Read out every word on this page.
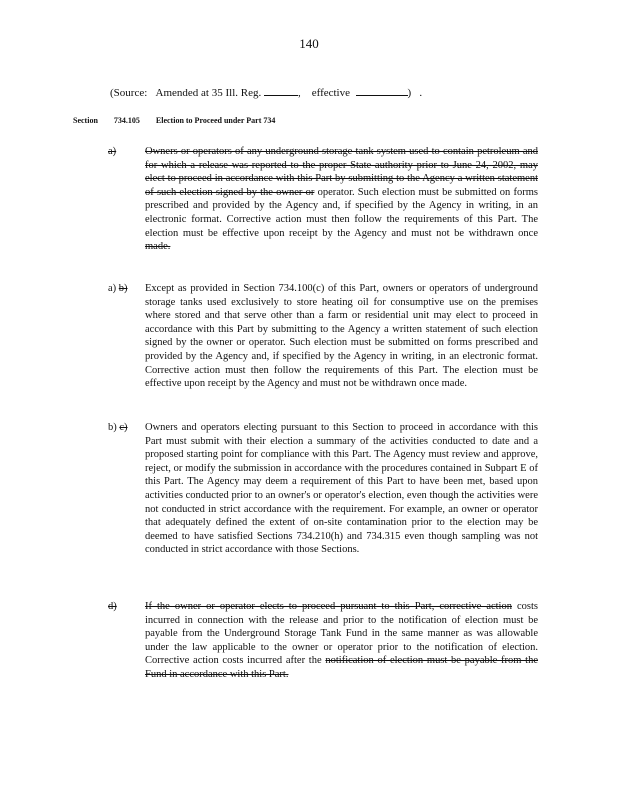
140
(Source: Amended at 35 Ill. Reg.	, effective	) .
Section 734.105 Election to Proceed under Part 734
a)	Owners or operators of any underground storage tank system used to contain petroleum and for which a release was reported to the proper State authority prior to June 24, 2002, may elect to proceed in accordance with this Part by submitting to the Agency a written statement of such election signed by the owner or operator. Such election must be submitted on forms prescribed and provided by the Agency and, if specified by the Agency in writing, in an electronic format. Corrective action must then follow the requirements of this Part. The election must be effective upon receipt by the Agency and must not be withdrawn once made.
a) b) Except as provided in Section 734.100(c) of this Part, owners or operators of underground storage tanks used exclusively to store heating oil for consumptive use on the premises where stored and that serve other than a farm or residential unit may elect to proceed in accordance with this Part by submitting to the Agency a written statement of such election signed by the owner or operator. Such election must be submitted on forms prescribed and provided by the Agency and, if specified by the Agency in writing, in an electronic format. Corrective action must then follow the requirements of this Part. The election must be effective upon receipt by the Agency and must not be withdrawn once made.
b) c) Owners and operators electing pursuant to this Section to proceed in accordance with this Part must submit with their election a summary of the activities conducted to date and a proposed starting point for compliance with this Part. The Agency must review and approve, reject, or modify the submission in accordance with the procedures contained in Subpart E of this Part. The Agency may deem a requirement of this Part to have been met, based upon activities conducted prior to an owner's or operator's election, even though the activities were not conducted in strict accordance with the requirement. For example, an owner or operator that adequately defined the extent of on-site contamination prior to the election may be deemed to have satisfied Sections 734.210(h) and 734.315 even though sampling was not conducted in strict accordance with those Sections.
d)	If the owner or operator elects to proceed pursuant to this Part, corrective action costs incurred in connection with the release and prior to the notification of election must be payable from the Underground Storage Tank Fund in the same manner as was allowable under the law applicable to the owner or operator prior to the notification of election. Corrective action costs incurred after the notification of election must be payable from the Fund in accordance with this Part.
